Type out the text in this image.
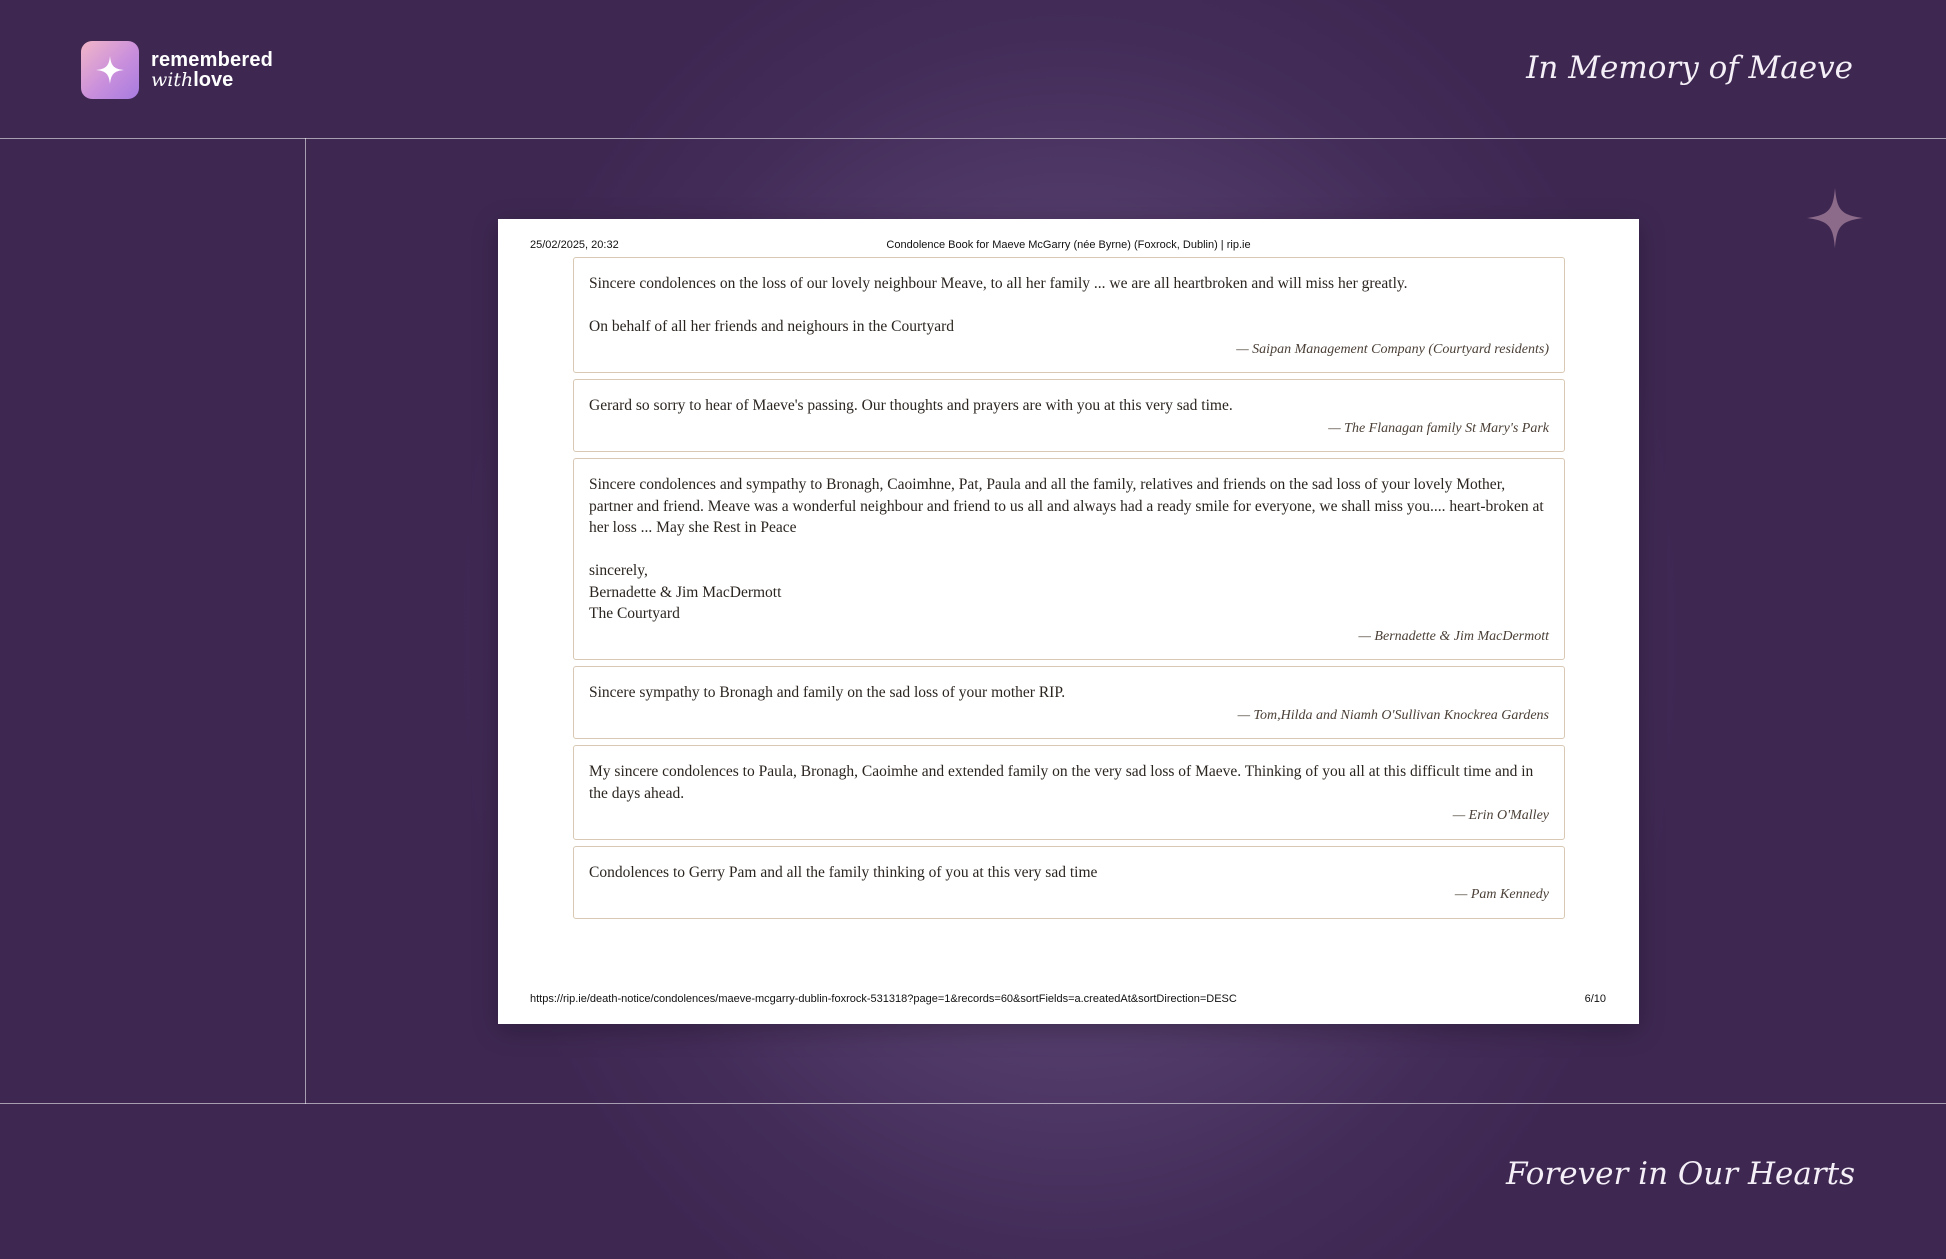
remembered
withlove	In Memory of Maeve
25/02/2025, 20:32	Condolence Book for Maeve McGarry (née Byrne) (Foxrock, Dublin) | rip.ie
Sincere condolences on the loss of our lovely neighbour Meave, to all her family ... we are all heartbroken and will miss her greatly.

On behalf of all her friends and neighours in the Courtyard
— Saipan Management Company (Courtyard residents)
Gerard so sorry to hear of Maeve's passing. Our thoughts and prayers are with you at this very sad time.
— The Flanagan family St Mary's Park
Sincere condolences and sympathy to Bronagh, Caoimhne, Pat, Paula and all the family, relatives and friends on the sad loss of your lovely Mother, partner and friend. Meave was a wonderful neighbour and friend to us all and always had a ready smile for everyone, we shall miss you.... heart-broken at her loss ... May she Rest in Peace

sincerely,
Bernadette & Jim MacDermott
The Courtyard
— Bernadette & Jim MacDermott
Sincere sympathy to Bronagh and family on the sad loss of your mother RIP.
— Tom,Hilda and Niamh O'Sullivan Knockrea Gardens
My sincere condolences to Paula, Bronagh, Caoimhe and extended family on the very sad loss of Maeve. Thinking of you all at this difficult time and in the days ahead.
— Erin O'Malley
Condolences to Gerry Pam and all the family thinking of you at this very sad time
— Pam Kennedy
https://rip.ie/death-notice/condolences/maeve-mcgarry-dublin-foxrock-531318?page=1&records=60&sortFields=a.createdAt&sortDirection=DESC	6/10
Forever in Our Hearts
